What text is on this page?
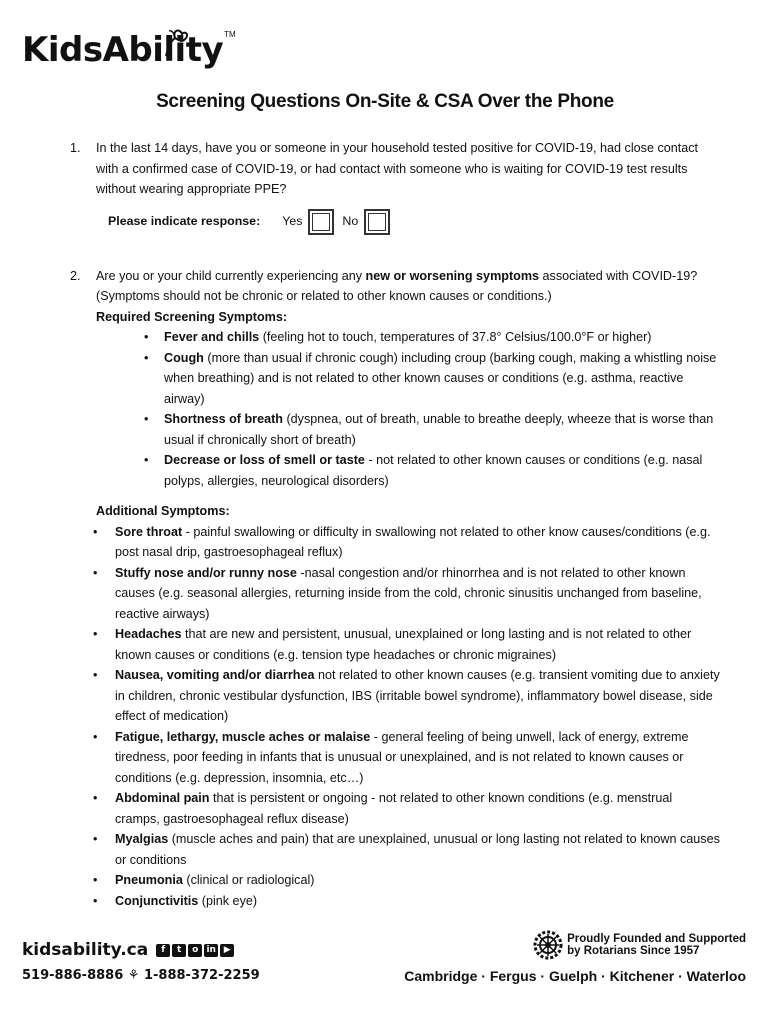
KidsAbility™
Screening Questions On-Site & CSA Over the Phone
1.	In the last 14 days, have you or someone in your household tested positive for COVID-19, had close contact with a confirmed case of COVID-19, or had contact with someone who is waiting for COVID-19 test results without wearing appropriate PPE?
Please indicate response: Yes	No
2.	Are you or your child currently experiencing any new or worsening symptoms associated with COVID-19? (Symptoms should not be chronic or related to other known causes or conditions.)
Required Screening Symptoms:
• Fever and chills (feeling hot to touch, temperatures of 37.8° Celsius/100.0°F or higher)
• Cough (more than usual if chronic cough) including croup (barking cough, making a whistling noise when breathing) and is not related to other known causes or conditions (e.g. asthma, reactive airway)
• Shortness of breath (dyspnea, out of breath, unable to breathe deeply, wheeze that is worse than usual if chronically short of breath)
• Decrease or loss of smell or taste - not related to other known causes or conditions (e.g. nasal polyps, allergies, neurological disorders)
Additional Symptoms:
• Sore throat - painful swallowing or difficulty in swallowing not related to other know causes/conditions (e.g. post nasal drip, gastroesophageal reflux)
• Stuffy nose and/or runny nose -nasal congestion and/or rhinorrhea and is not related to other known causes (e.g. seasonal allergies, returning inside from the cold, chronic sinusitis unchanged from baseline, reactive airways)
• Headaches that are new and persistent, unusual, unexplained or long lasting and is not related to other known causes or conditions (e.g. tension type headaches or chronic migraines)
• Nausea, vomiting and/or diarrhea not related to other known causes (e.g. transient vomiting due to anxiety in children, chronic vestibular dysfunction, IBS (irritable bowel syndrome), inflammatory bowel disease, side effect of medication)
• Fatigue, lethargy, muscle aches or malaise - general feeling of being unwell, lack of energy, extreme tiredness, poor feeding in infants that is unusual or unexplained, and is not related to known causes or conditions (e.g. depression, insomnia, etc…)
• Abdominal pain that is persistent or ongoing - not related to other known conditions (e.g. menstrual cramps, gastroesophageal reflux disease)
• Myalgias (muscle aches and pain) that are unexplained, unusual or long lasting not related to known causes or conditions
• Pneumonia (clinical or radiological)
• Conjunctivitis (pink eye)
kidsability.ca	f	t	o in ▶
519-886-8886 ⚘ 1-888-372-2259
Proudly Founded and Supported
by Rotarians Since 1957
Cambridge · Fergus · Guelph · Kitchener · Waterloo
